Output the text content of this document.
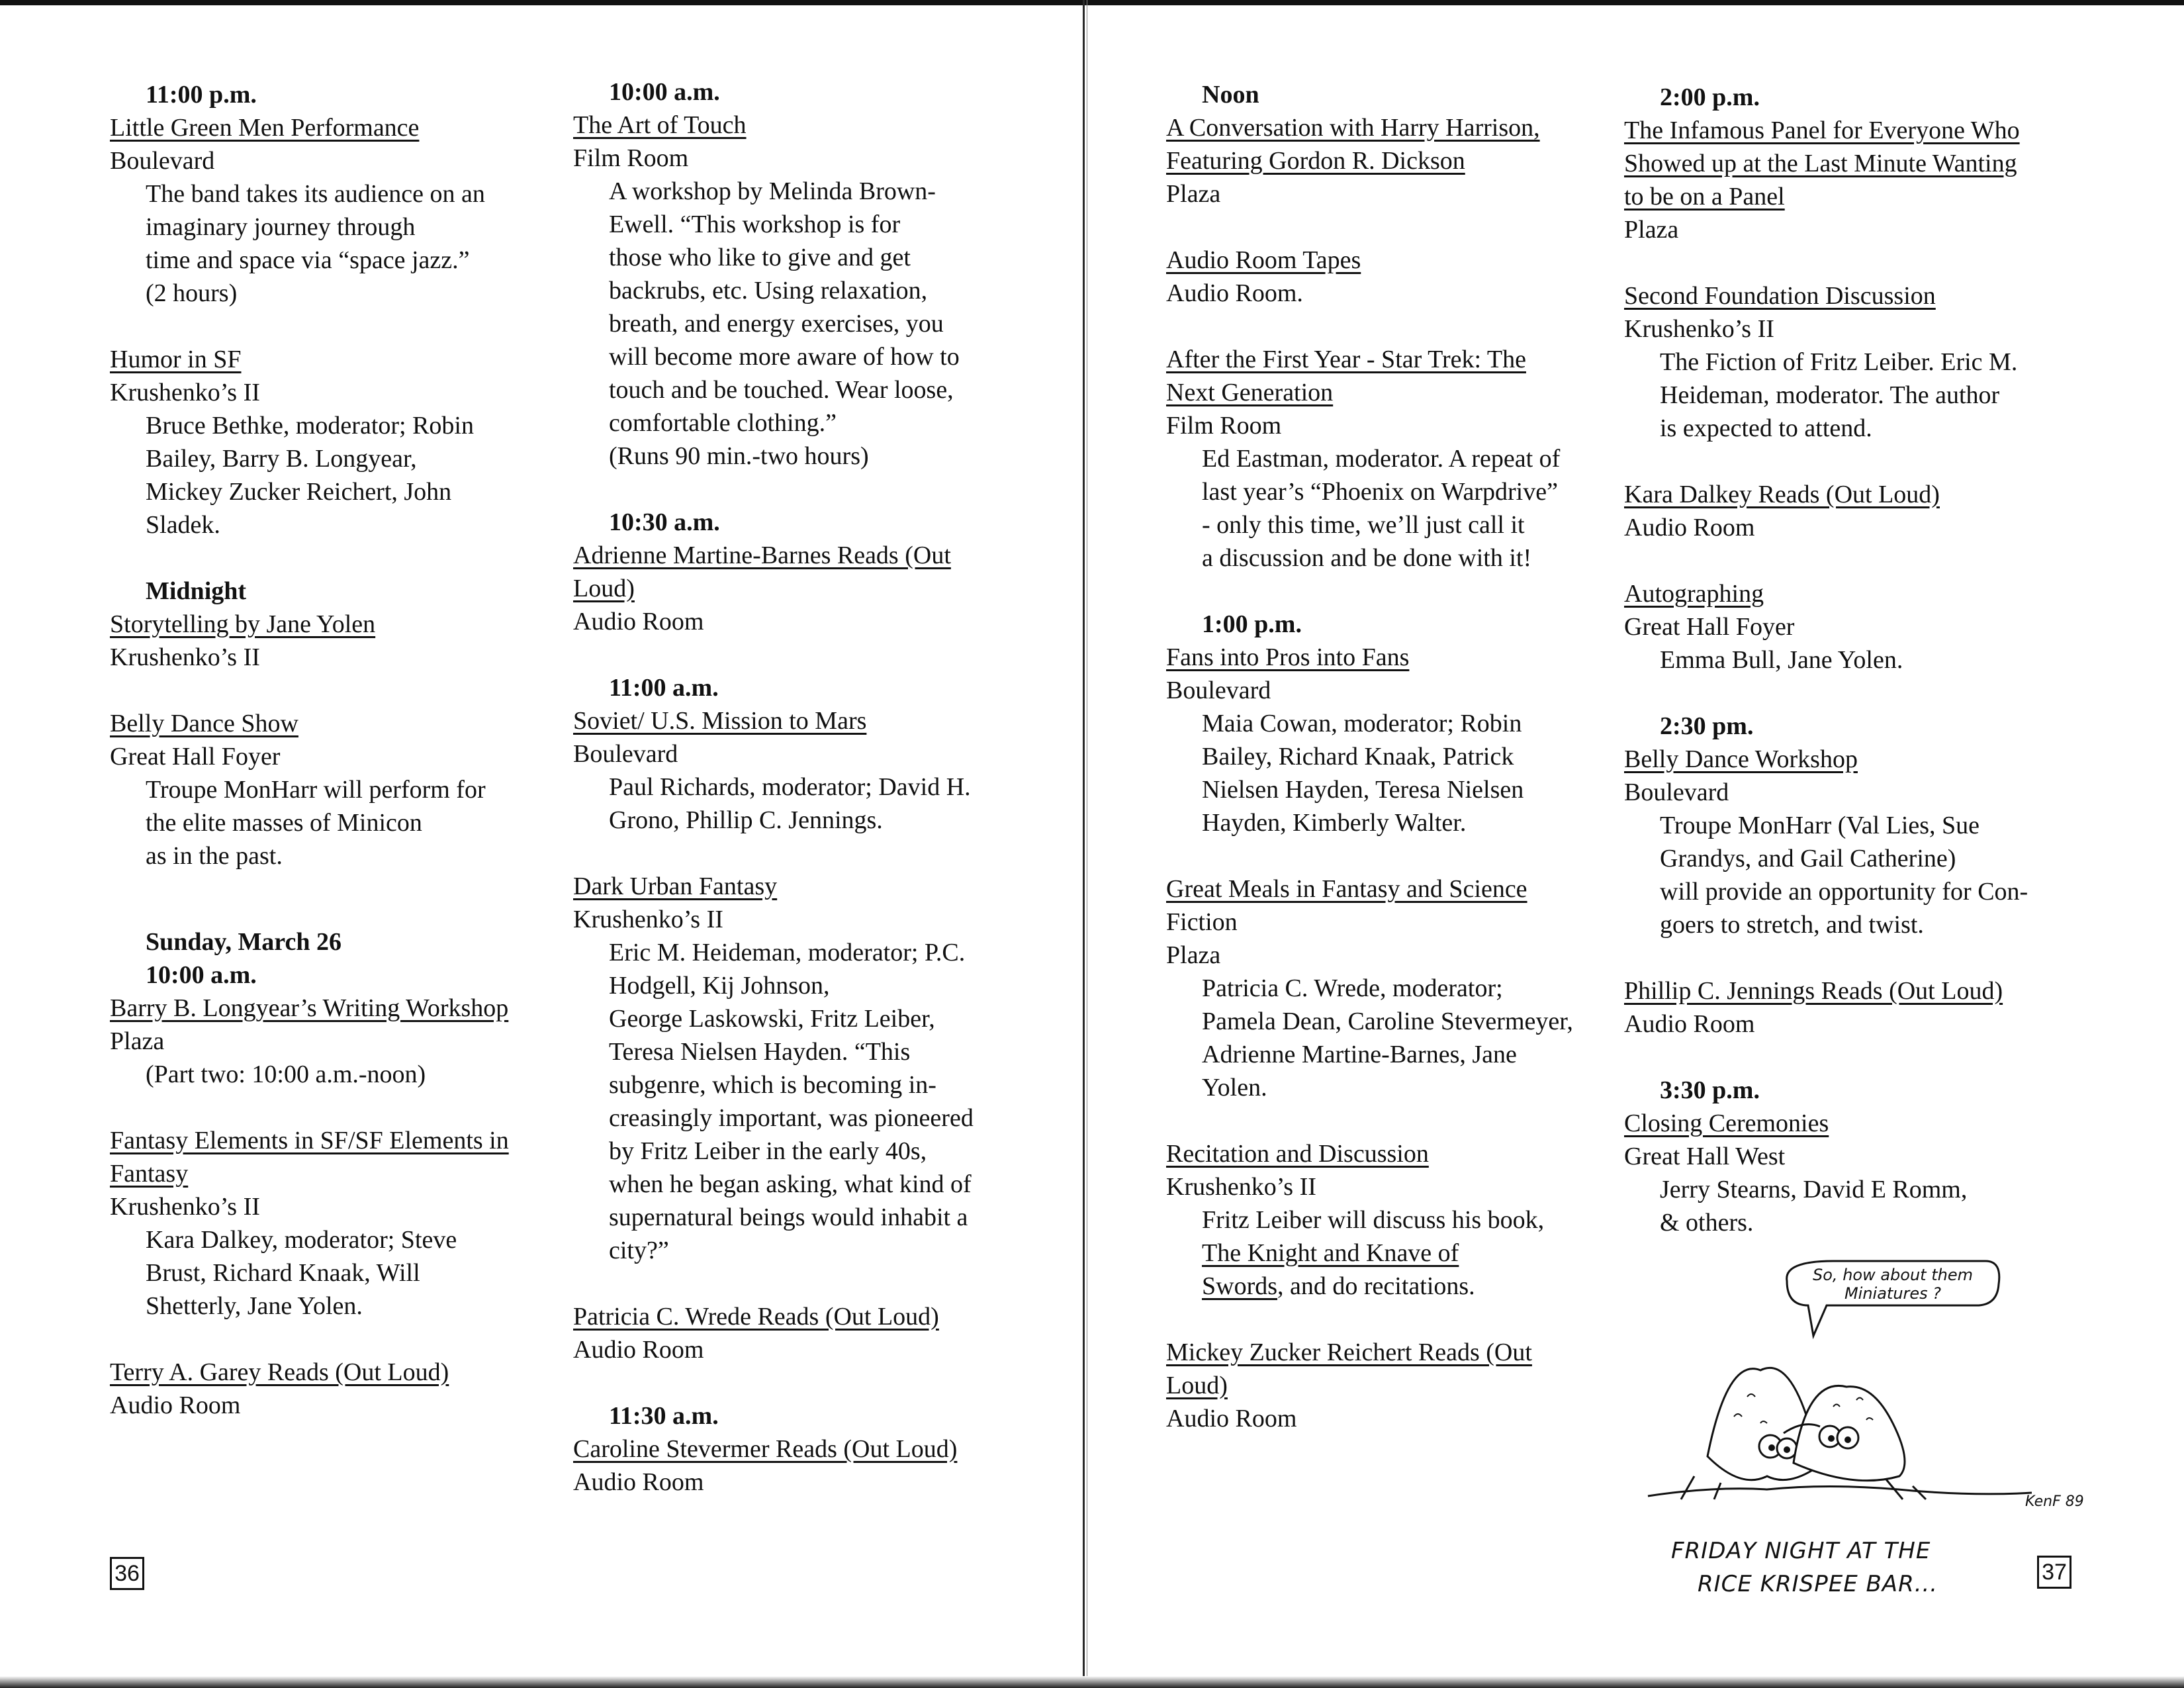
11:00 p.m.
Little Green Men Performance
Boulevard
The band takes its audience on an
imaginary journey through
time and space via “space jazz.”
(2 hours)
Humor in SF
Krushenko’s II
Bruce Bethke, moderator; Robin
Bailey, Barry B. Longyear,
Mickey Zucker Reichert, John
Sladek.
Midnight
Storytelling by Jane Yolen
Krushenko’s II
Belly Dance Show
Great Hall Foyer
Troupe MonHarr will perform for
the elite masses of Minicon
as in the past.
Sunday, March 26
10:00 a.m.
Barry B. Longyear’s Writing Workshop
Plaza
(Part two: 10:00 a.m.-noon)
Fantasy Elements in SF/SF Elements in
Fantasy
Krushenko’s II
Kara Dalkey, moderator; Steve
Brust, Richard Knaak, Will
Shetterly, Jane Yolen.
Terry A. Garey Reads (Out Loud)
Audio Room
10:00 a.m.
The Art of Touch
Film Room
A workshop by Melinda Brown-
Ewell. “This workshop is for
those who like to give and get
backrubs, etc. Using relaxation,
breath, and energy exercises, you
will become more aware of how to
touch and be touched. Wear loose,
comfortable clothing.”
(Runs 90 min.-two hours)
10:30 a.m.
Adrienne Martine-Barnes Reads (Out
Loud)
Audio Room
11:00 a.m.
Soviet/ U.S. Mission to Mars
Boulevard
Paul Richards, moderator; David H.
Grono, Phillip C. Jennings.
Dark Urban Fantasy
Krushenko’s II
Eric M. Heideman, moderator; P.C.
Hodgell, Kij Johnson,
George Laskowski, Fritz Leiber,
Teresa Nielsen Hayden. “This
subgenre, which is becoming in-
creasingly important, was pioneered
by Fritz Leiber in the early 40s,
when he began asking, what kind of
supernatural beings would inhabit a
city?”
Patricia C. Wrede Reads (Out Loud)
Audio Room
11:30 a.m.
Caroline Stevermer Reads (Out Loud)
Audio Room
Noon
A Conversation with Harry Harrison,
Featuring Gordon R. Dickson
Plaza
Audio Room Tapes
Audio Room.
After the First Year - Star Trek: The
Next Generation
Film Room
Ed Eastman, moderator. A repeat of
last year’s “Phoenix on Warpdrive”
- only this time, we’ll just call it
a discussion and be done with it!
1:00 p.m.
Fans into Pros into Fans
Boulevard
Maia Cowan, moderator; Robin
Bailey, Richard Knaak, Patrick
Nielsen Hayden, Teresa Nielsen
Hayden, Kimberly Walter.
Great Meals in Fantasy and Science
Fiction
Plaza
Patricia C. Wrede, moderator;
Pamela Dean, Caroline Stevermeyer,
Adrienne Martine-Barnes, Jane
Yolen.
Recitation and Discussion
Krushenko’s II
Fritz Leiber will discuss his book,
The Knight and Knave of
Swords, and do recitations.
Mickey Zucker Reichert Reads (Out
Loud)
Audio Room
2:00 p.m.
The Infamous Panel for Everyone Who
Showed up at the Last Minute Wanting
to be on a Panel
Plaza
Second Foundation Discussion
Krushenko’s II
The Fiction of Fritz Leiber. Eric M.
Heideman, moderator. The author
is expected to attend.
Kara Dalkey Reads (Out Loud)
Audio Room
Autographing
Great Hall Foyer
Emma Bull, Jane Yolen.
2:30 pm.
Belly Dance Workshop
Boulevard
Troupe MonHarr (Val Lies, Sue
Grandys, and Gail Catherine)
will provide an opportunity for Con-
goers to stretch, and twist.
Phillip C. Jennings Reads (Out Loud)
Audio Room
3:30 p.m.
Closing Ceremonies
Great Hall West
Jerry Stearns, David E Romm,
& others.
So, how about them
Miniatures ?
KenF 89
FRIDAY NIGHT AT THE
RICE KRISPEE BAR...
36	37
